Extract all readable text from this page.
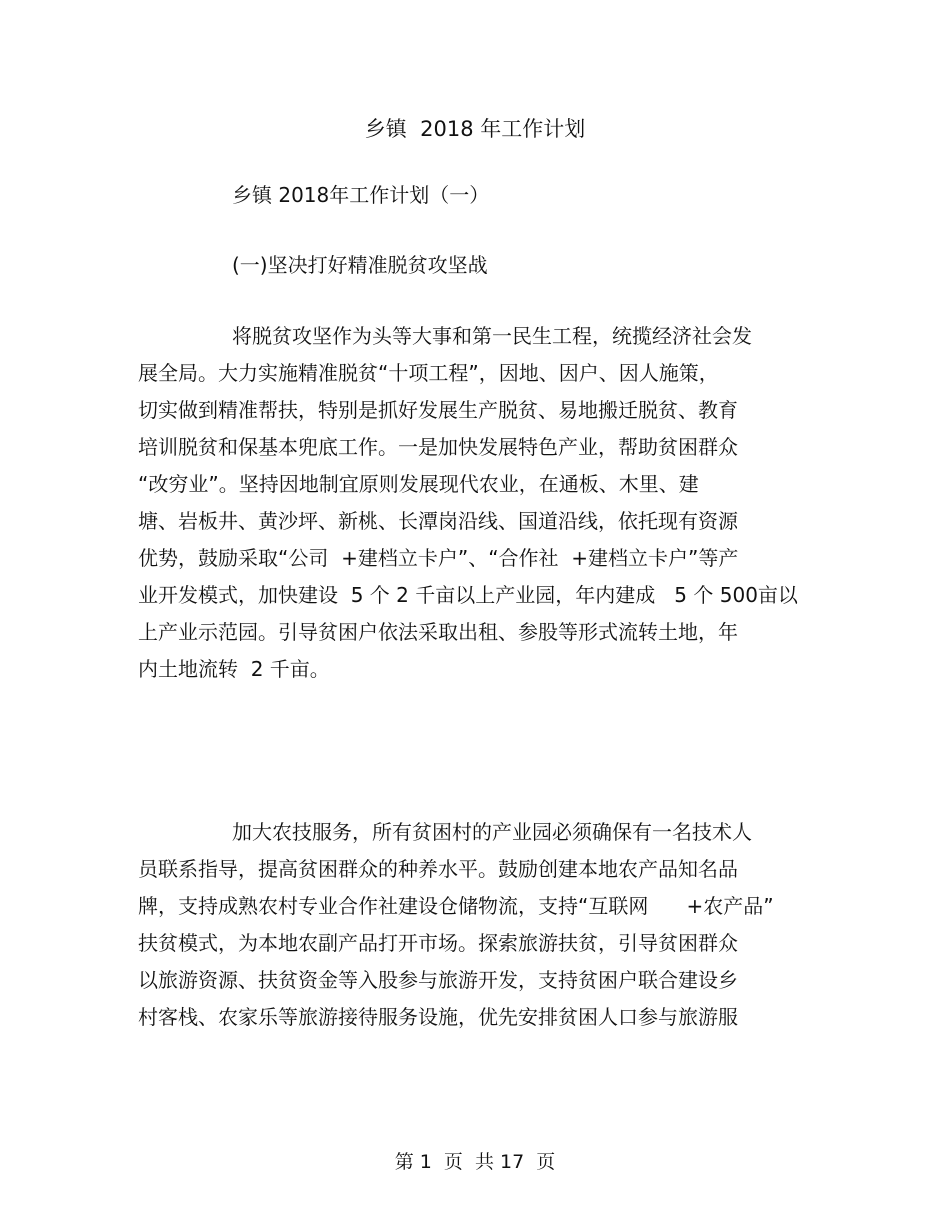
乡镇  2018 年工作计划
乡镇 2018年工作计划（一）
(一)坚决打好精准脱贫攻坚战
将脱贫攻坚作为头等大事和第一民生工程，统揽经济社会发
展全局。大力实施精准脱贫“十项工程”，因地、因户、因人施策，
切实做到精准帮扶，特别是抓好发展生产脱贫、易地搬迁脱贫、教育
培训脱贫和保基本兜底工作。一是加快发展特色产业，帮助贫困群众
“改穷业”。坚持因地制宜原则发展现代农业，在通板、木里、建
塘、岩板井、黄沙坪、新桃、长潭岗沿线、国道沿线，依托现有资源
优势，鼓励采取“公司  +建档立卡户”、“合作社  +建档立卡户”等产
业开发模式，加快建设  5 个 2 千亩以上产业园，年内建成   5 个 500亩以
上产业示范园。引导贫困户依法采取出租、参股等形式流转土地，年
内土地流转  2 千亩。
加大农技服务，所有贫困村的产业园必须确保有一名技术人
员联系指导，提高贫困群众的种养水平。鼓励创建本地农产品知名品
牌，支持成熟农村专业合作社建设仓储物流，支持“互联网      +农产品”
扶贫模式，为本地农副产品打开市场。探索旅游扶贫，引导贫困群众
以旅游资源、扶贫资金等入股参与旅游开发，支持贫困户联合建设乡
村客栈、农家乐等旅游接待服务设施，优先安排贫困人口参与旅游服
第 1  页  共 17  页
